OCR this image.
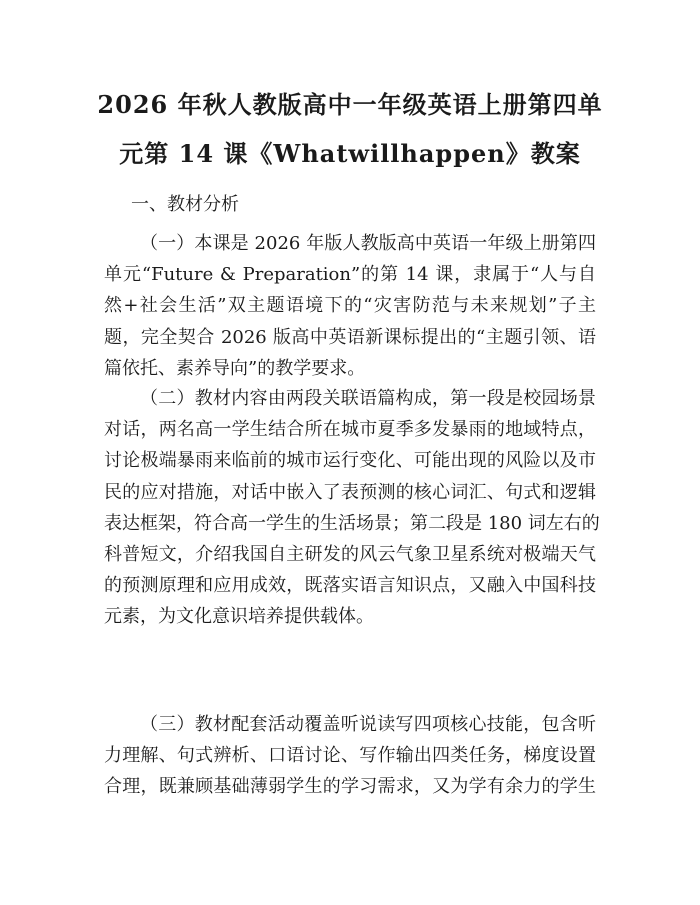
2026 年秋人教版高中一年级英语上册第四单
元第 14 课《Whatwillhappen》教案
一、教材分析
（一）本课是 2026 年版人教版高中英语一年级上册第四
单元“Future & Preparation”的第 14 课，隶属于“人与自
然+社会生活”双主题语境下的“灾害防范与未来规划”子主
题，完全契合 2026 版高中英语新课标提出的“主题引领、语
篇依托、素养导向”的教学要求。
（二）教材内容由两段关联语篇构成，第一段是校园场景
对话，两名高一学生结合所在城市夏季多发暴雨的地域特点，
讨论极端暴雨来临前的城市运行变化、可能出现的风险以及市
民的应对措施，对话中嵌入了表预测的核心词汇、句式和逻辑
表达框架，符合高一学生的生活场景；第二段是 180 词左右的
科普短文，介绍我国自主研发的风云气象卫星系统对极端天气
的预测原理和应用成效，既落实语言知识点，又融入中国科技
元素，为文化意识培养提供载体。
（三）教材配套活动覆盖听说读写四项核心技能，包含听
力理解、句式辨析、口语讨论、写作输出四类任务，梯度设置
合理，既兼顾基础薄弱学生的学习需求，又为学有余力的学生
